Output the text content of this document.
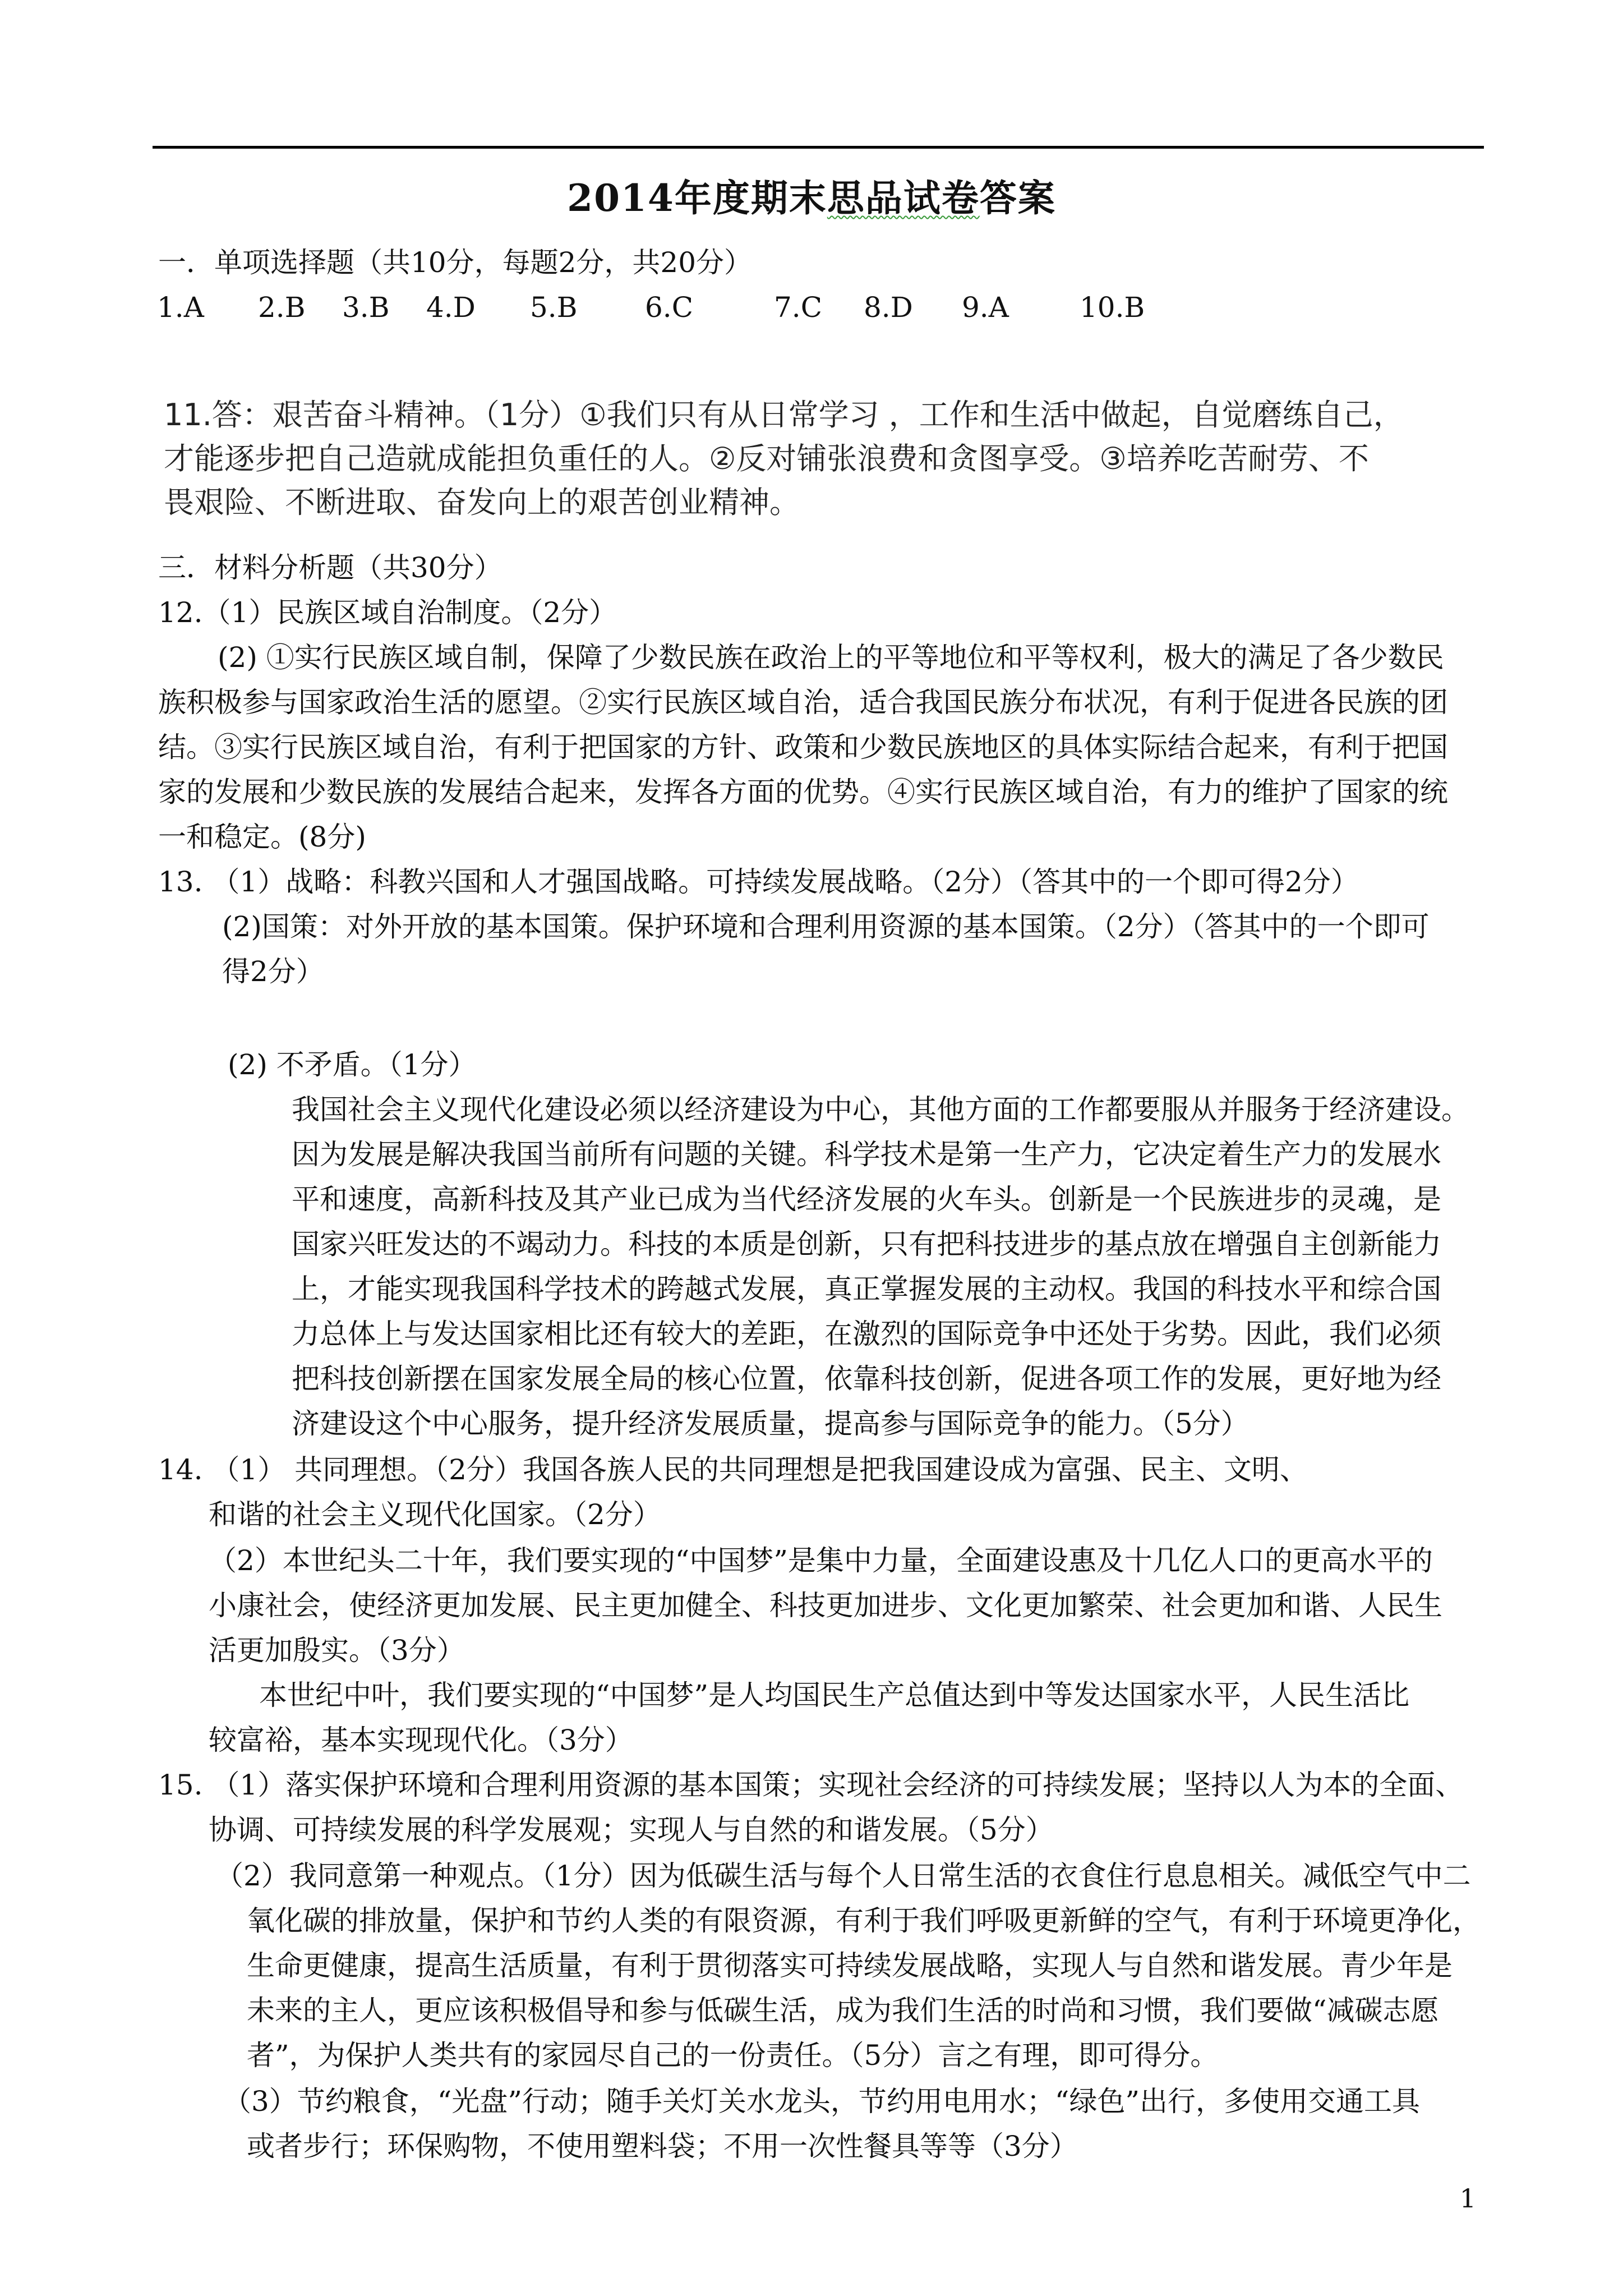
2014年度期末思品试卷答案
一．单项选择题（共10分，每题2分，共20分）
1.A 2.B 3.B 4.D 5.B 6.C	7.C 8.D 9.A	10.B
11.答：艰苦奋斗精神。（1分）①我们只有从日常学习 ，工作和生活中做起，自觉磨练自己，
才能逐步把自己造就成能担负重任的人。②反对铺张浪费和贪图享受。③培养吃苦耐劳、不
畏艰险、不断进取、奋发向上的艰苦创业精神。
三．材料分析题（共30分）
12.（1）民族区域自治制度。（2分）
(2) ①实行民族区域自制，保障了少数民族在政治上的平等地位和平等权利，极大的满足了各少数民
族积极参与国家政治生活的愿望。②实行民族区域自治，适合我国民族分布状况，有利于促进各民族的团
结。③实行民族区域自治，有利于把国家的方针、政策和少数民族地区的具体实际结合起来，有利于把国
家的发展和少数民族的发展结合起来，发挥各方面的优势。④实行民族区域自治，有力的维护了国家的统
一和稳定。(8分)
13. （1）战略：科教兴国和人才强国战略。可持续发展战略。（2分）（答其中的一个即可得2分）
(2)国策：对外开放的基本国策。保护环境和合理利用资源的基本国策。（2分）（答其中的一个即可
得2分）
(2) 不矛盾。（1分）
我国社会主义现代化建设必须以经济建设为中心，其他方面的工作都要服从并服务于经济建设。
因为发展是解决我国当前所有问题的关键。科学技术是第一生产力，它决定着生产力的发展水
平和速度，高新科技及其产业已成为当代经济发展的火车头。创新是一个民族进步的灵魂，是
国家兴旺发达的不竭动力。科技的本质是创新，只有把科技进步的基点放在增强自主创新能力
上，才能实现我国科学技术的跨越式发展，真正掌握发展的主动权。我国的科技水平和综合国
力总体上与发达国家相比还有较大的差距，在激烈的国际竞争中还处于劣势。因此，我们必须
把科技创新摆在国家发展全局的核心位置，依靠科技创新，促进各项工作的发展，更好地为经
济建设这个中心服务，提升经济发展质量，提高参与国际竞争的能力。（5分）
14. （1） 共同理想。（2分）我国各族人民的共同理想是把我国建设成为富强、民主、文明、
和谐的社会主义现代化国家。（2分）
（2）本世纪头二十年，我们要实现的“中国梦”是集中力量，全面建设惠及十几亿人口的更高水平的
小康社会，使经济更加发展、民主更加健全、科技更加进步、文化更加繁荣、社会更加和谐、人民生
活更加殷实。（3分）
本世纪中叶，我们要实现的“中国梦”是人均国民生产总值达到中等发达国家水平，人民生活比
较富裕，基本实现现代化。（3分）
15. （1）落实保护环境和合理利用资源的基本国策；实现社会经济的可持续发展；坚持以人为本的全面、
协调、可持续发展的科学发展观；实现人与自然的和谐发展。（5分）
（2）我同意第一种观点。（1分）因为低碳生活与每个人日常生活的衣食住行息息相关。减低空气中二
氧化碳的排放量，保护和节约人类的有限资源，有利于我们呼吸更新鲜的空气，有利于环境更净化，
生命更健康，提高生活质量，有利于贯彻落实可持续发展战略，实现人与自然和谐发展。青少年是
未来的主人，更应该积极倡导和参与低碳生活，成为我们生活的时尚和习惯，我们要做“减碳志愿
者”，为保护人类共有的家园尽自己的一份责任。（5分）言之有理，即可得分。
（3）节约粮食，“光盘”行动；随手关灯关水龙头，节约用电用水；“绿色”出行，多使用交通工具
或者步行；环保购物，不使用塑料袋；不用一次性餐具等等（3分）
1
